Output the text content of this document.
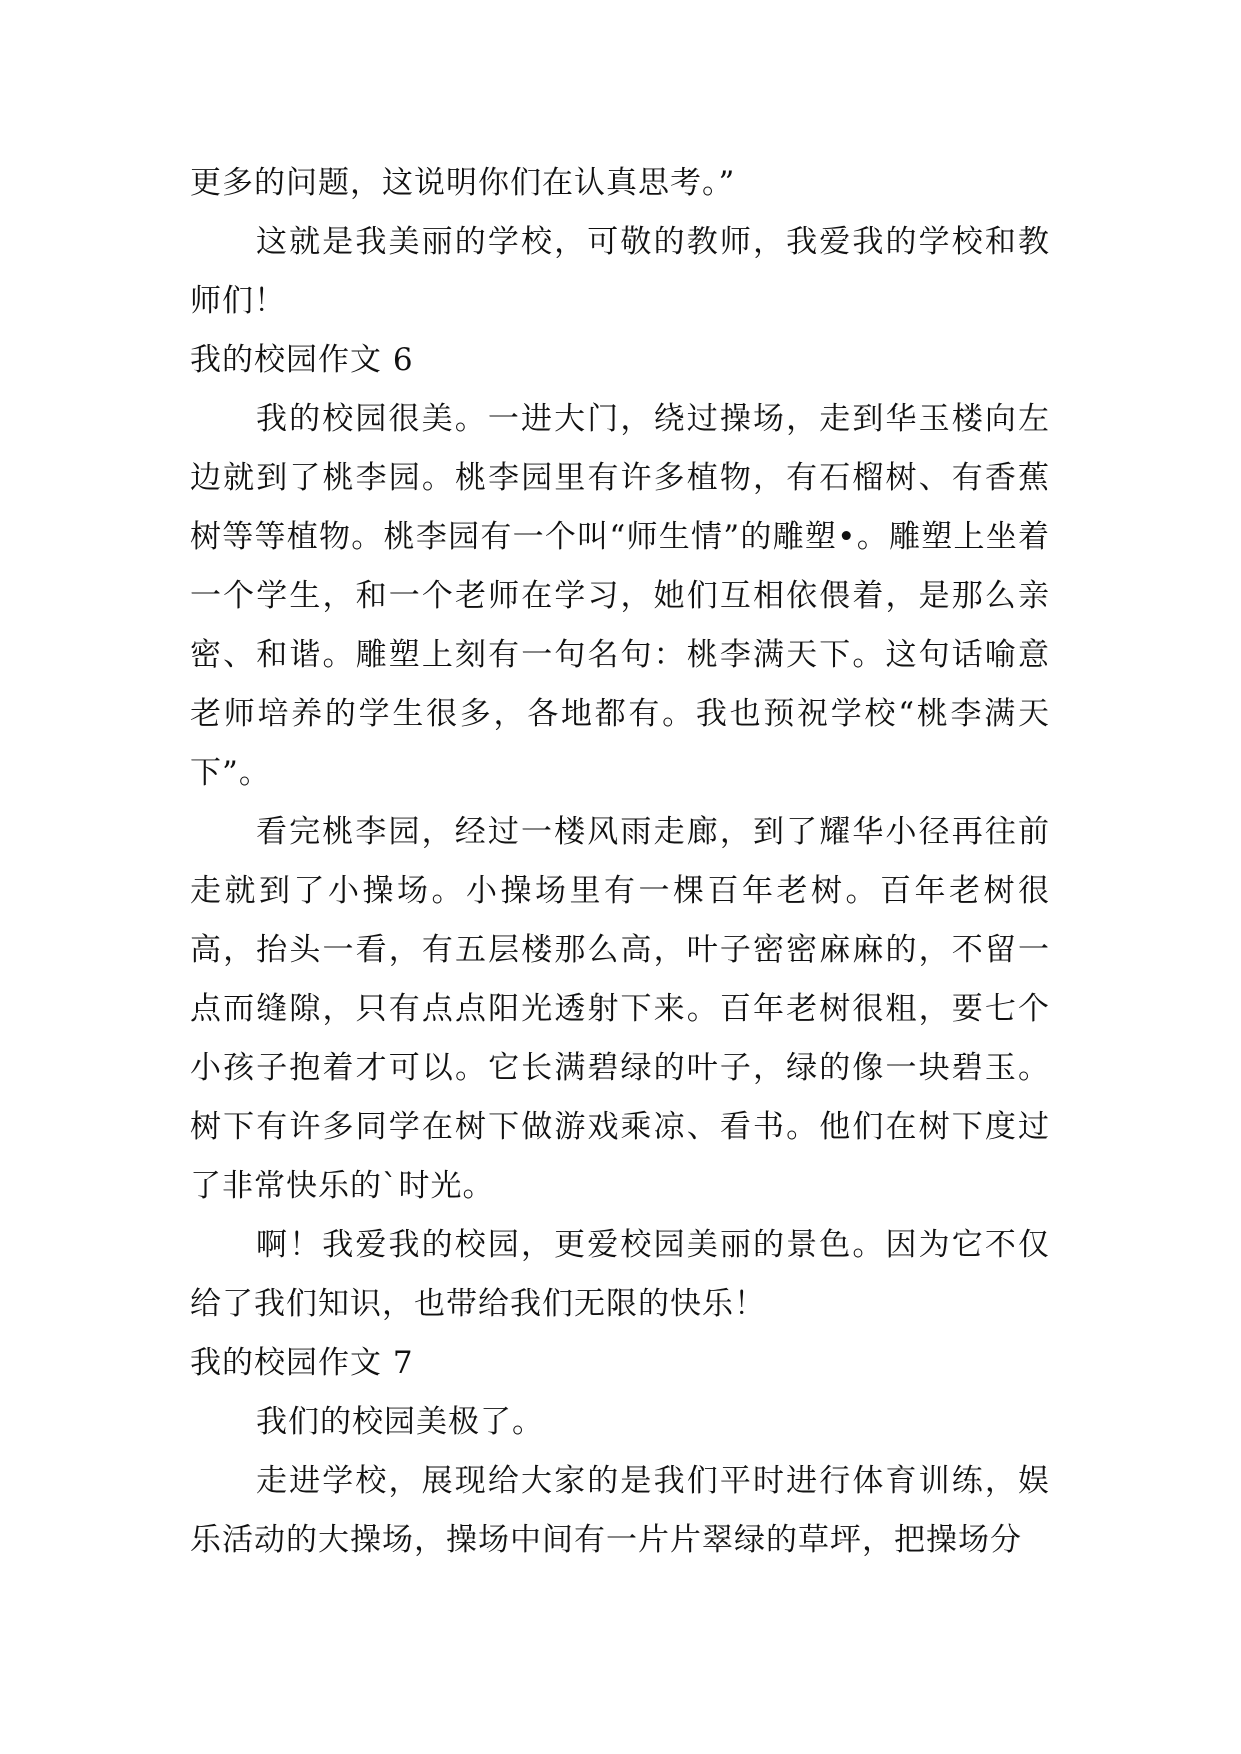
更多的问题，这说明你们在认真思考。”

这就是我美丽的学校，可敬的教师，我爱我的学校和教师们！

我的校园作文 6

我的校园很美。一进大门，绕过操场，走到华玉楼向左边就到了桃李园。桃李园里有许多植物，有石榴树、有香蕉树等等植物。桃李园有一个叫“师生情”的雕塑•。雕塑上坐着一个学生，和一个老师在学习，她们互相依偎着，是那么亲密、和谐。雕塑上刻有一句名句：桃李满天下。这句话喻意老师培养的学生很多，各地都有。我也预祝学校“桃李满天下”。

看完桃李园，经过一楼风雨走廊，到了耀华小径再往前走就到了小操场。小操场里有一棵百年老树。百年老树很高，抬头一看，有五层楼那么高，叶子密密麻麻的，不留一点而缝隙，只有点点阳光透射下来。百年老树很粗，要七个小孩子抱着才可以。它长满碧绿的叶子，绿的像一块碧玉。树下有许多同学在树下做游戏乘凉、看书。他们在树下度过了非常快乐的`时光。

啊！我爱我的校园，更爱校园美丽的景色。因为它不仅给了我们知识，也带给我们无限的快乐！

我的校园作文 7

我们的校园美极了。

走进学校，展现给大家的是我们平时进行体育训练，娱乐活动的大操场，操场中间有一片片翠绿的草坪，把操场分
